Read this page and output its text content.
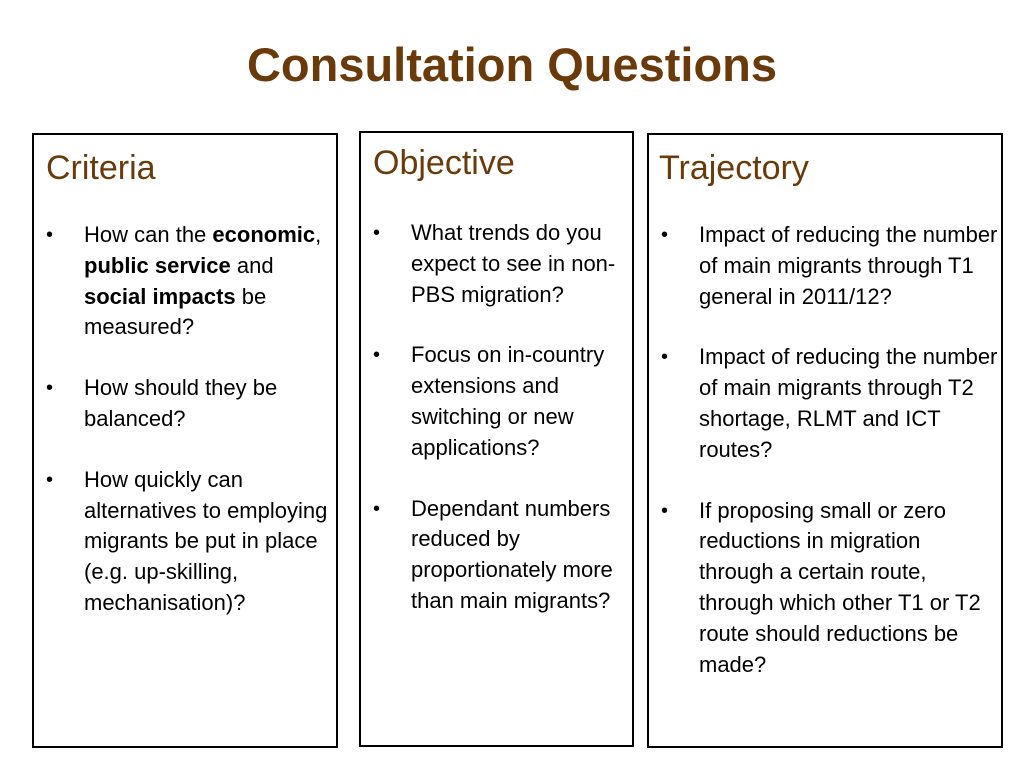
Consultation Questions
Criteria
• How can the economic, public service and social impacts be measured?
• How should they be balanced?
• How quickly can alternatives to employing migrants be put in place (e.g. up-skilling, mechanisation)?
Objective
• What trends do you expect to see in non-PBS migration?
• Focus on in-country extensions and switching or new applications?
• Dependant numbers reduced by proportionately more than main migrants?
Trajectory
• Impact of reducing the number of main migrants through T1 general in 2011/12?
• Impact of reducing the number of main migrants through T2 shortage, RLMT and ICT routes?
• If proposing small or zero reductions in migration through a certain route, through which other T1 or T2 route should reductions be made?
